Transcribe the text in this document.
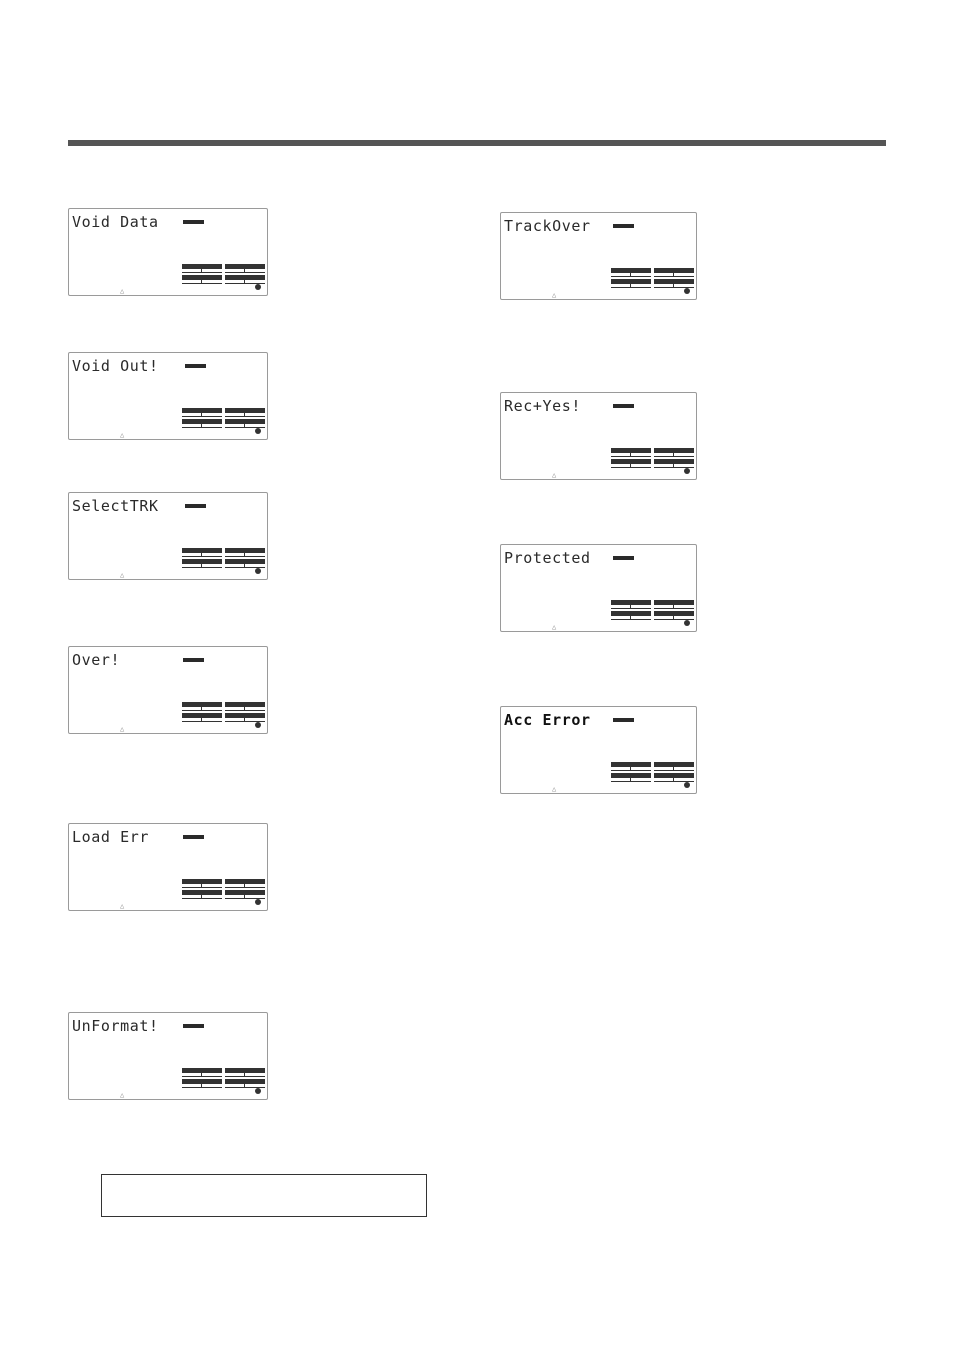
Void Data
△
Void Out!
△
SelectTRK
△
Over!
△
Load Err
△
UnFormat!
△
TrackOver
△
Rec+Yes!
△
Protected
△
Acc Error
△
